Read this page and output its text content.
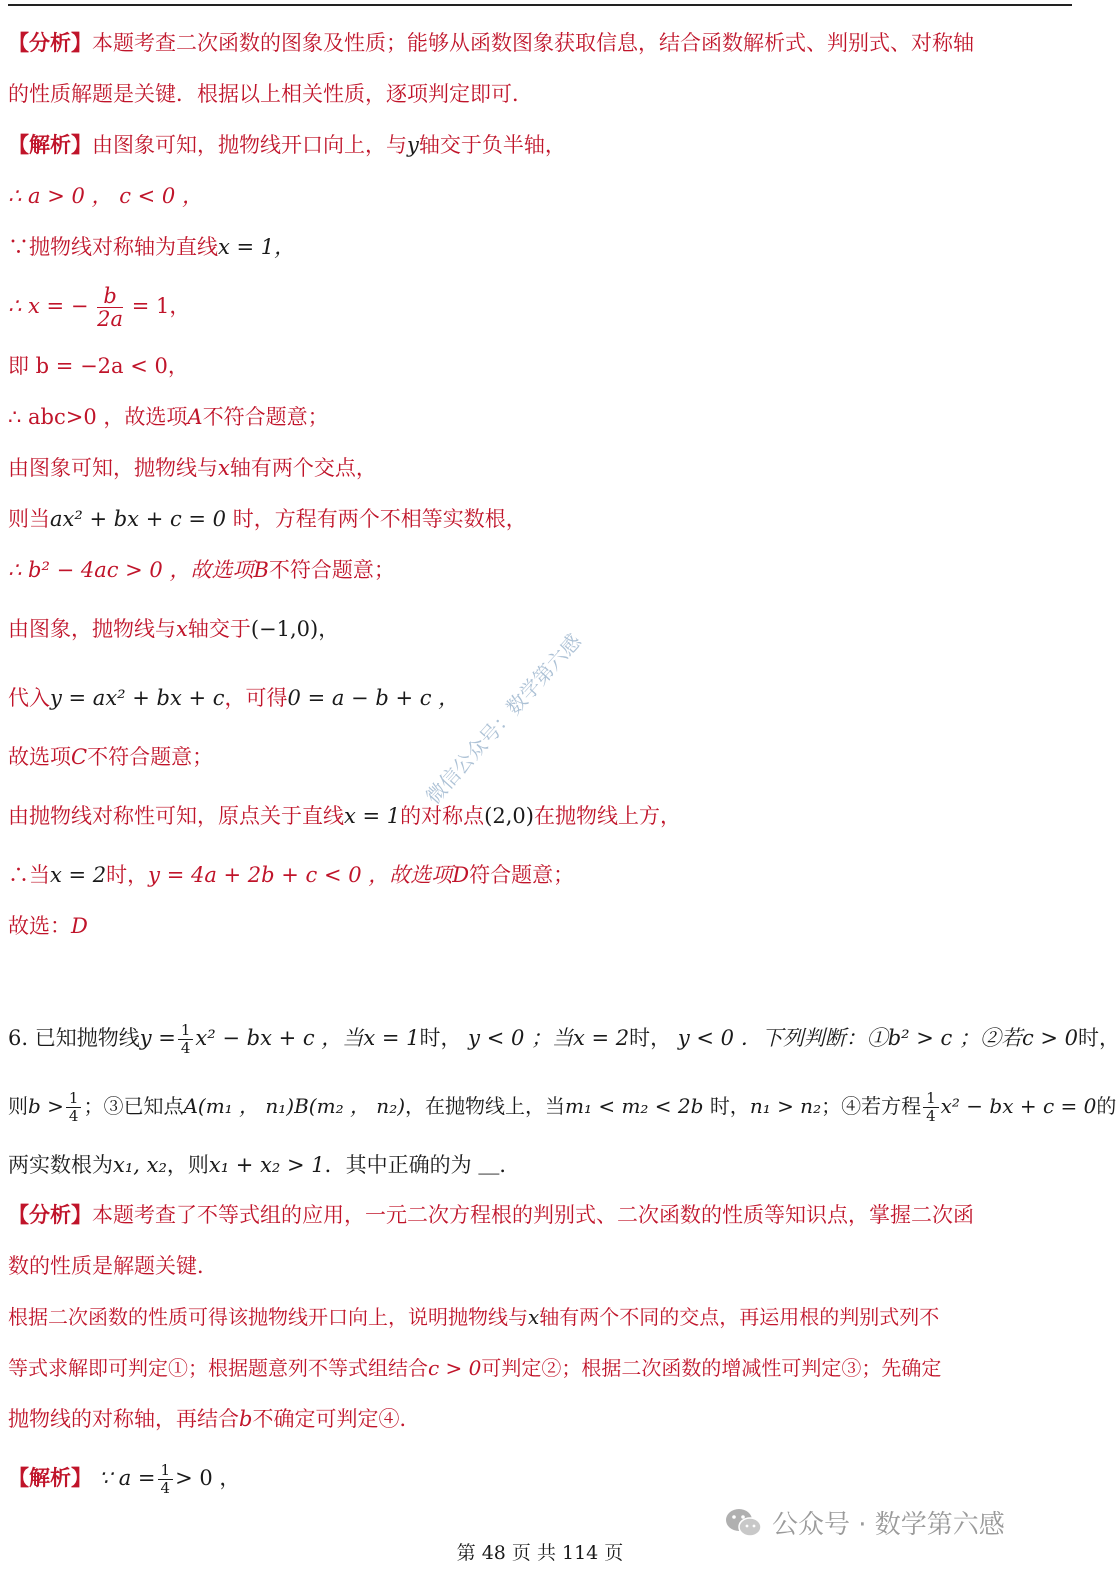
【分析】本题考查二次函数的图象及性质；能够从函数图象获取信息，结合函数解析式、判别式、对称轴
的性质解题是关键．根据以上相关性质，逐项判定即可．
【解析】由图象可知，抛物线开口向上，与y轴交于负半轴，
∴ a > 0 ， c < 0 ，
∵抛物线对称轴为直线x = 1，
∴ x = − $\frac{b}{2a} = 1$，
即 b = −2a < 0，
∴ abc>0 ，故选项A不符合题意；
由图象可知，抛物线与x轴有两个交点，
则当ax² + bx + c = 0 时，方程有两个不相等实数根，
∴ b² − 4ac > 0 ，故选项B不符合题意；
由图象，抛物线与x轴交于(−1,0)，
代入y = ax² + bx + c，可得0 = a − b + c ，
故选项C不符合题意；
由抛物线对称性可知，原点关于直线x = 1的对称点(2,0)在抛物线上方，
∴当x = 2时，y = 4a + 2b + c < 0 ，故选项D符合题意；
故选：D
6. 已知抛物线$y = \frac{1}{4} x^2$ − bx + c ，当x = 1时， y < 0 ；当x = 2时， y < 0 ．下列判断：①b² > c ；②若c > 0时，
则$b > \frac{1}{4}$ ；③已知点A(m₁ ， n₁)B(m₂ ， n₂)，在抛物线上，当m₁ < m₂ < 2b 时，n₁ > n₂；④若方程 $\frac{1}{4} x^2$ − bx + c = 0的
两实数根为x₁, x₂，则x₁ + x₂ > 1．其中正确的为 ＿．
【分析】本题考查了不等式组的应用，一元二次方程根的判别式、二次函数的性质等知识点，掌握二次函
数的性质是解题关键．
根据二次函数的性质可得该抛物线开口向上，说明抛物线与x轴有两个不同的交点，再运用根的判别式列不
等式求解即可判定①；根据题意列不等式组结合c > 0可判定②；根据二次函数的增减性可判定③；先确定
抛物线的对称轴，再结合b不确定可判定④．
【解析】 ∵ $a = \frac{1}{4} > 0$ ，
微信公众号：数学第六感
公众号 · 数学第六感
第 48 页 共 114 页
